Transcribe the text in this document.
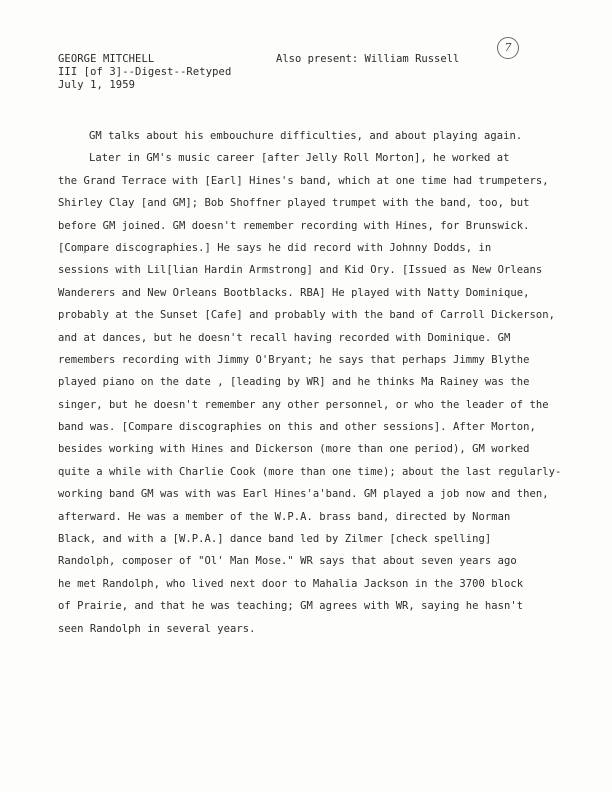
GEORGE MITCHELL
III [of 3]--Digest--Retyped
July 1, 1959
Also present: William Russell
7
GM talks about his embouchure difficulties, and about playing again.
Later in GM's music career [after Jelly Roll Morton], he worked at
the Grand Terrace with [Earl] Hines's band, which at one time had trumpeters,
Shirley Clay [and GM]; Bob Shoffner played trumpet with the band, too, but
before GM joined. GM doesn't remember recording with Hines, for Brunswick.
[Compare discographies.] He says he did record with Johnny Dodds, in
sessions with Lil[lian Hardin Armstrong] and Kid Ory. [Issued as New Orleans
Wanderers and New Orleans Bootblacks. RBA] He played with Natty Dominique,
probably at the Sunset [Cafe] and probably with the band of Carroll Dickerson,
and at dances, but he doesn't recall having recorded with Dominique. GM
remembers recording with Jimmy O'Bryant; he says that perhaps Jimmy Blythe
played piano on the date , [leading by WR] and he thinks Ma Rainey was the
singer, but he doesn't remember any other personnel, or who the leader of the
band was. [Compare discographies on this and other sessions]. After Morton,
besides working with Hines and Dickerson (more than one period), GM worked
quite a while with Charlie Cook (more than one time); about the last regularly-
working band GM was with was Earl Hines'a'band. GM played a job now and then,
afterward. He was a member of the W.P.A. brass band, directed by Norman
Black, and with a [W.P.A.] dance band led by Zilmer [check spelling]
Randolph, composer of "Ol' Man Mose." WR says that about seven years ago
he met Randolph, who lived next door to Mahalia Jackson in the 3700 block
of Prairie, and that he was teaching; GM agrees with WR, saying he hasn't
seen Randolph in several years.
